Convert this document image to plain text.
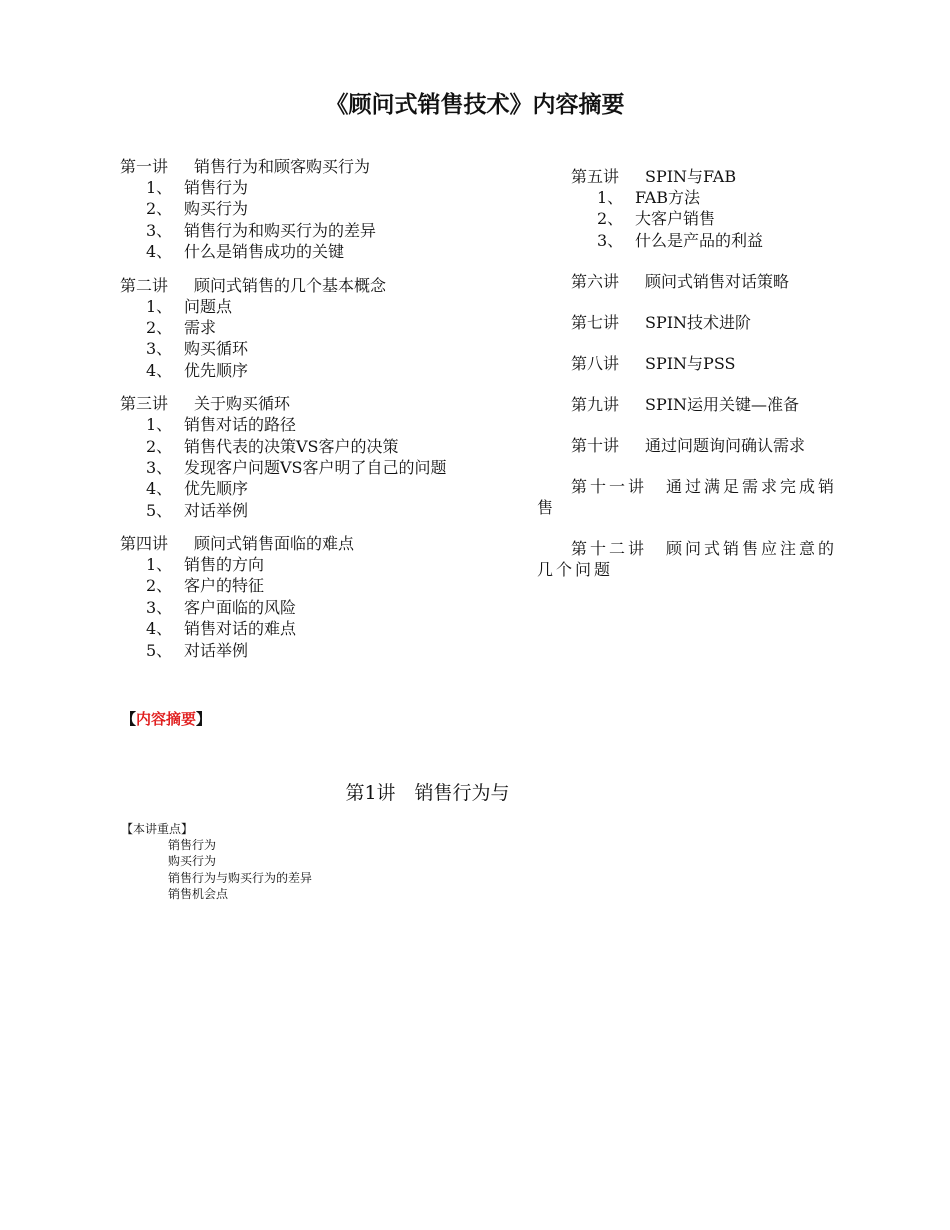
《顾问式销售技术》内容摘要
第一讲 销售行为和顾客购买行为
1、 销售行为
2、 购买行为
3、 销售行为和购买行为的差异
4、 什么是销售成功的关键
第二讲 顾问式销售的几个基本概念
1、 问题点
2、 需求
3、 购买循环
4、 优先顺序
第三讲 关于购买循环
1、 销售对话的路径
2、 销售代表的决策VS客户的决策
3、 发现客户问题VS客户明了自己的问题
4、 优先顺序
5、 对话举例
第四讲 顾问式销售面临的难点
1、 销售的方向
2、 客户的特征
3、 客户面临的风险
4、 销售对话的难点
5、 对话举例
第五讲 SPIN与FAB
1、 FAB方法
2、 大客户销售
3、 什么是产品的利益
第六讲 顾问式销售对话策略
第七讲 SPIN技术进阶
第八讲 SPIN与PSS
第九讲 SPIN运用关键—准备
第十讲 通过问题询问确认需求
第十一讲　通过满足需求完成销
售
第十二讲　顾问式销售应注意的
几个问题
【内容摘要】
第1讲　销售行为与
【本讲重点】
销售行为
购买行为
销售行为与购买行为的差异
销售机会点
